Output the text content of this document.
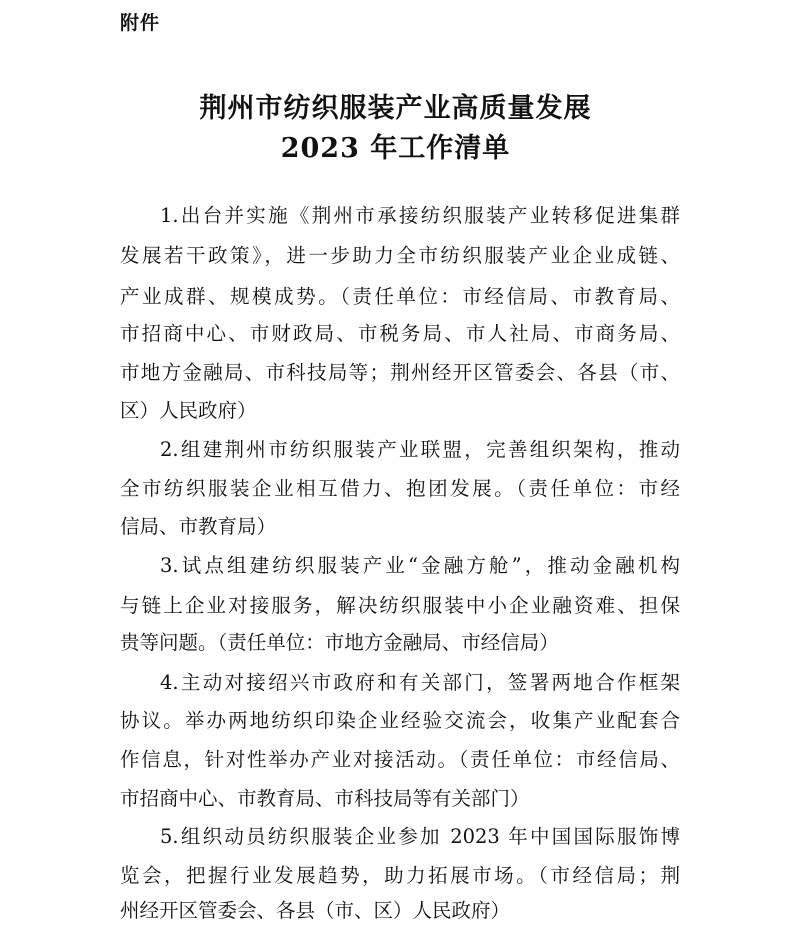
附件
荆州市纺织服装产业高质量发展
2023 年工作清单
1.出台并实施《荆州市承接纺织服装产业转移促进集群
发展若干政策》，进一步助力全市纺织服装产业企业成链、
产业成群、规模成势。（责任单位：市经信局、市教育局、
市招商中心、市财政局、市税务局、市人社局、市商务局、
市地方金融局、市科技局等；荆州经开区管委会、各县（市、
区）人民政府）
2.组建荆州市纺织服装产业联盟，完善组织架构，推动
全市纺织服装企业相互借力、抱团发展。（责任单位：市经
信局、市教育局）
3.试点组建纺织服装产业“金融方舱”，推动金融机构
与链上企业对接服务，解决纺织服装中小企业融资难、担保
贵等问题。（责任单位：市地方金融局、市经信局）
4.主动对接绍兴市政府和有关部门，签署两地合作框架
协议。举办两地纺织印染企业经验交流会，收集产业配套合
作信息，针对性举办产业对接活动。（责任单位：市经信局、
市招商中心、市教育局、市科技局等有关部门）
5.组织动员纺织服装企业参加 2023 年中国国际服饰博
览会，把握行业发展趋势，助力拓展市场。（市经信局；荆
州经开区管委会、各县（市、区）人民政府）
